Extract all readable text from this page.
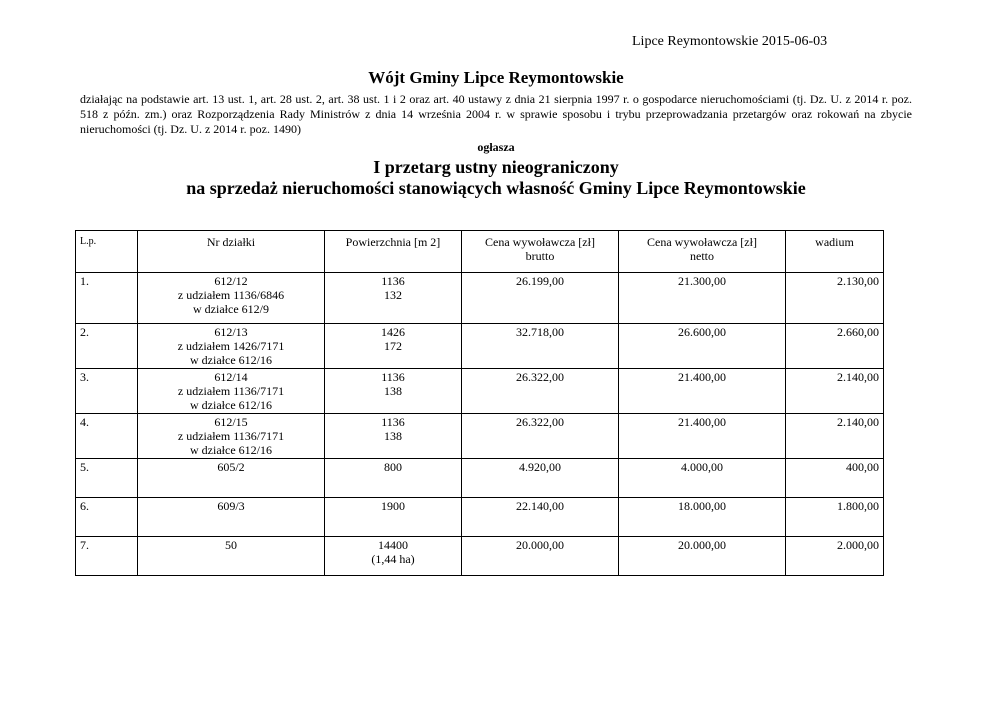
Lipce Reymontowskie 2015-06-03
Wójt Gminy Lipce Reymontowskie
działając na podstawie art. 13 ust. 1, art. 28 ust. 2, art. 38 ust. 1 i 2 oraz art. 40 ustawy z dnia 21 sierpnia 1997 r. o gospodarce nieruchomościami (tj. Dz. U. z 2014 r. poz. 518 z późn. zm.) oraz Rozporządzenia Rady Ministrów z dnia 14 września 2004 r. w sprawie sposobu i trybu przeprowadzania przetargów oraz rokowań na zbycie nieruchomości (tj. Dz. U. z 2014 r. poz. 1490)
ogłasza
I przetarg ustny nieograniczony
na sprzedaż nieruchomości stanowiących własność Gminy Lipce Reymontowskie
L.p.	Nr działki	Powierzchnia [m 2]	Cena wywoławcza [zł]
brutto	Cena wywoławcza [zł]
netto	wadium
1.	612/12
z udziałem 1136/6846
w działce 612/9	1136
132	26.199,00	21.300,00	2.130,00
2.	612/13
z udziałem 1426/7171
w działce 612/16	1426
172	32.718,00	26.600,00	2.660,00
3.	612/14
z udziałem 1136/7171
w działce 612/16	1136
138	26.322,00	21.400,00	2.140,00
4.	612/15
z udziałem 1136/7171
w działce 612/16	1136
138	26.322,00	21.400,00	2.140,00
5.	605/2	800	4.920,00	4.000,00	400,00
6.	609/3	1900	22.140,00	18.000,00	1.800,00
7.	50	14400
(1,44 ha)	20.000,00	20.000,00	2.000,00
